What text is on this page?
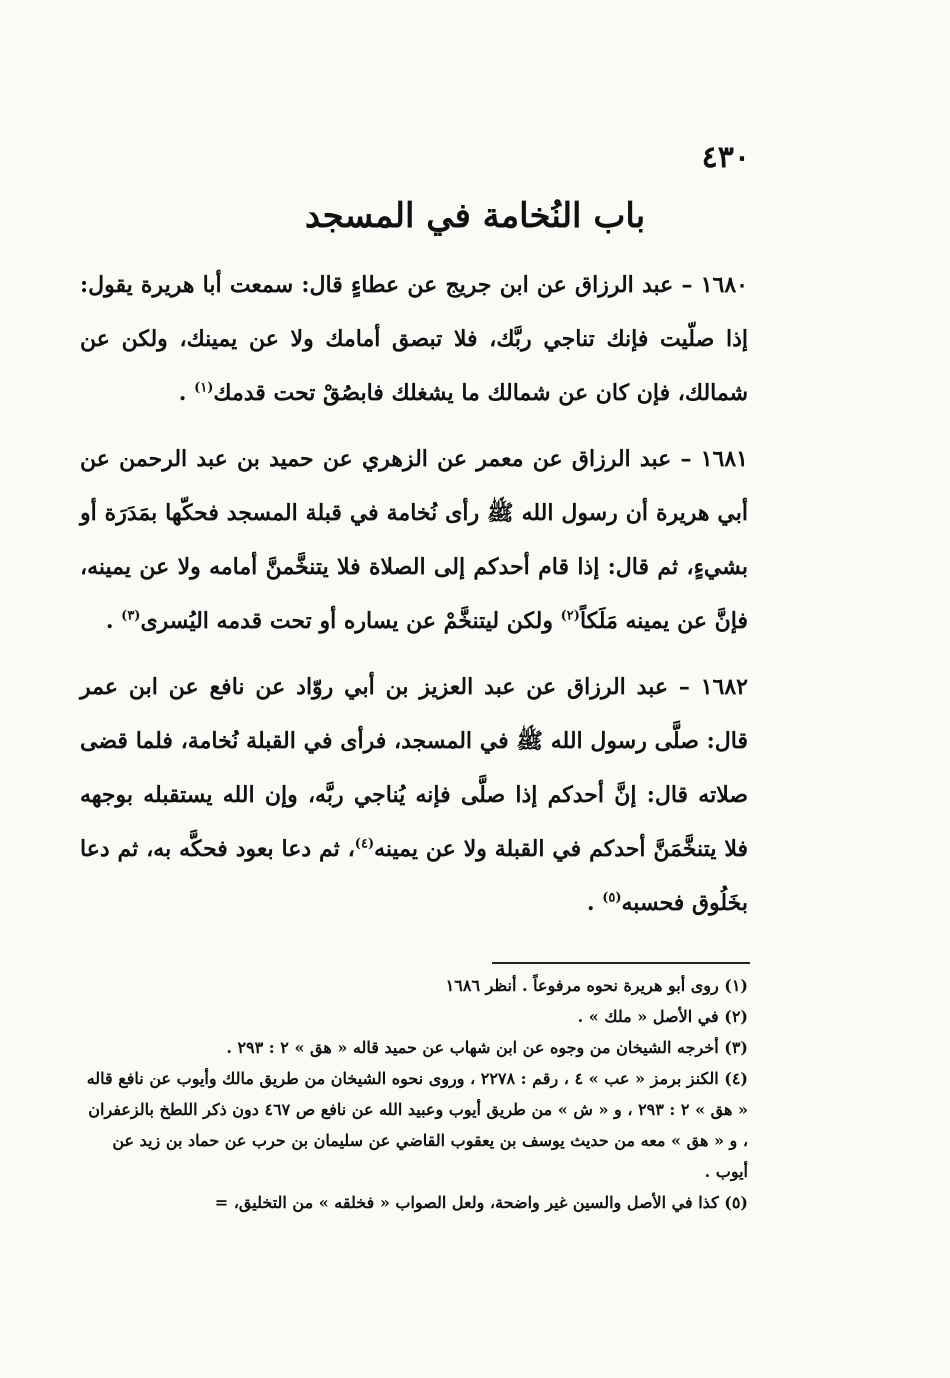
٤٣٠
باب النُخامة في المسجد

١٦٨٠ – عبد الرزاق عن ابن جريج عن عطاءٍ قال: سمعت أبا هريرة يقول: إذا صلّيت فإنك تناجي ربَّك، فلا تبصق أمامك ولا عن يمينك، ولكن عن شمالك، فإن كان عن شمالك ما يشغلك فابصُقْ تحت قدمك$^{(١)}$ .

١٦٨١ – عبد الرزاق عن معمر عن الزهري عن حميد بن عبد الرحمن عن أبي هريرة أن رسول الله ﷺ رأى نُخامة في قبلة المسجد فحكّها بمَدَرَة أو بشيءٍ، ثم قال: إذا قام أحدكم إلى الصلاة فلا يتنخَّمنَّ أمامه ولا عن يمينه، فإنَّ عن يمينه مَلَكاً$^{(٢)}$ ولكن ليتنخَّمْ عن يساره أو تحت قدمه اليُسرى$^{(٣)}$ .

١٦٨٢ – عبد الرزاق عن عبد العزيز بن أبي روّاد عن نافع عن ابن عمر قال: صلَّى رسول الله ﷺ في المسجد، فرأى في القبلة نُخامة، فلما قضى صلاته قال: إنَّ أحدكم إذا صلَّى فإنه يُناجي ربَّه، وإن الله يستقبله بوجهه فلا يتنخَّمَنَّ أحدكم في القبلة ولا عن يمينه$^{(٤)}$، ثم دعا بعود فحكَّه به، ثم دعا بخَلُوق فحسبه$^{(٥)}$ .

(١) روى أبو هريرة نحوه مرفوعاً . أنظر ١٦٨٦

(٢) في الأصل « ملك » .

(٣) أخرجه الشيخان من وجوه عن ابن شهاب عن حميد قاله « هق » ٢ : ٢٩٣ .

(٤) الكنز برمز « عب » ٤ ، رقم : ٢٢٧٨ ، وروى نحوه الشيخان من طريق مالك وأيوب عن نافع قاله « هق » ٢ : ٢٩٣ ، و « ش » من طريق أيوب وعبيد الله عن نافع ص ٤٦٧ دون ذكر اللطخ بالزعفران ، و « هق » معه من حديث يوسف بن يعقوب القاضي عن سليمان بن حرب عن حماد بن زيد عن أيوب .

(٥) كذا في الأصل والسين غير واضحة، ولعل الصواب « فخلقه » من التخليق، =
